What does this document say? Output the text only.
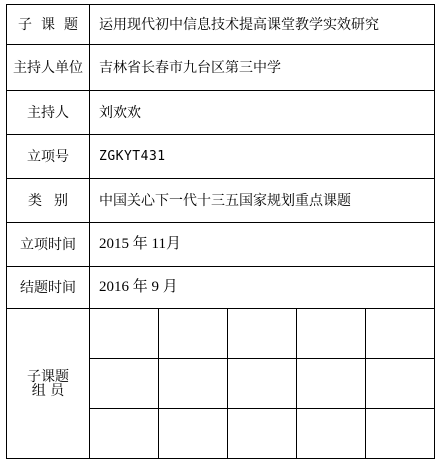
子课题	运用现代初中信息技术提高课堂教学实效研究				
主持人单位	吉林省长春市九台区第三中学				
主持人	刘欢欢				
立项号	ZGKYT431				
类别	中国关心下一代十三五国家规划重点课题				
立项时间	2015 年 11月				
结题时间	2016 年 9 月				

子课题
组 员					
